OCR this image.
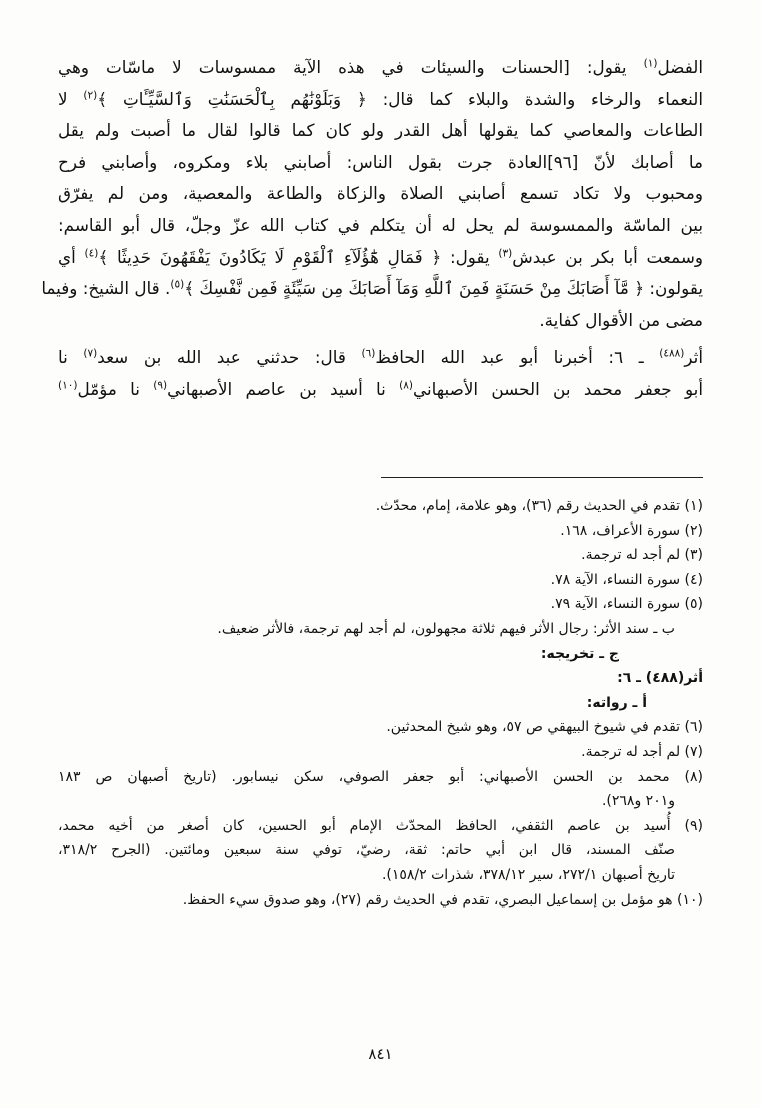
الفضل$^{(١)}$ يقول: [الحسنات والسيئات في هذه الآية ممسوسات لا ماسّات وهي
النعماء والرخاء والشدة والبلاء كما قال: ﴿ وَبَلَوْنَٰهُم بِٱلْحَسَنَٰتِ وَٱلسَّيِّـَٔاتِ ﴾$^{(٢)}$ لا
الطاعات والمعاصي كما يقولها أهل القدر ولو كان كما قالوا لقال ما أصبت ولم يقل
ما أصابك لأنّ [٩٦]العادة جرت بقول الناس: أصابني بلاء ومكروه، وأصابني فرح
ومحبوب ولا تكاد تسمع أصابني الصلاة والزكاة والطاعة والمعصية، ومن لم يفرّق
بين الماسّة والممسوسة لم يحل له أن يتكلم في كتاب الله عزّ وجلّ، قال أبو القاسم:
وسمعت أبا بكر بن عبدش$^{(٣)}$ يقول: ﴿ فَمَالِ هَٰٓؤُلَآءِ ٱلْقَوْمِ لَا يَكَادُونَ يَفْقَهُونَ حَدِيثًا ﴾$^{(٤)}$ أي
يقولون: ﴿ مَّآ أَصَابَكَ مِنْ حَسَنَةٍ فَمِنَ ٱللَّهِ وَمَآ أَصَابَكَ مِن سَيِّئَةٍ فَمِن نَّفْسِكَ ﴾$^{(٥)}$. قال الشيخ: وفيما
مضى من الأقوال كفاية.
أثر$^{(٤٨٨)}$ ـ ٦: أخبرنا أبو عبد الله الحافظ$^{(٦)}$ قال: حدثني عبد الله بن سعد$^{(٧)}$ نا
أبو جعفر محمد بن الحسن الأصبهاني$^{(٨)}$ نا أسيد بن عاصم الأصبهاني$^{(٩)}$ نا مؤمّل$^{(١٠)}$
(١) تقدم في الحديث رقم (٣٦)، وهو علامة، إمام، محدّث.
(٢) سورة الأعراف، ١٦٨.
(٣) لم أجد له ترجمة.
(٤) سورة النساء، الآية ٧٨.
(٥) سورة النساء، الآية ٧٩.
ب ـ سند الأثر: رجال الأثر فيهم ثلاثة مجهولون، لم أجد لهم ترجمة، فالأثر ضعيف.
ج ـ تخريجه:
أثر(٤٨٨) ـ ٦:
أ ـ رواته:
(٦) تقدم في شيوخ البيهقي ص ٥٧، وهو شيخ المحدثين.
(٧) لم أجد له ترجمة.
(٨) محمد بن الحسن الأصبهاني: أبو جعفر الصوفي، سكن نيسابور. (تاريخ أصبهان ص ١٨٣
و٢٠١ و٢٦٨).
(٩) أُسيد بن عاصم الثقفي، الحافظ المحدّث الإمام أبو الحسين، كان أصغر من أخيه محمد،
صنّف المسند، قال ابن أبي حاتم: ثقة، رضيّ، توفي سنة سبعين ومائتين. (الجرح ٣١٨/٢،
تاريخ أصبهان ٢٧٢/١، سير ٣٧٨/١٢، شذرات ١٥٨/٢).
(١٠) هو مؤمل بن إسماعيل البصري، تقدم في الحديث رقم (٢٧)، وهو صدوق سيء الحفظ.
٨٤١
